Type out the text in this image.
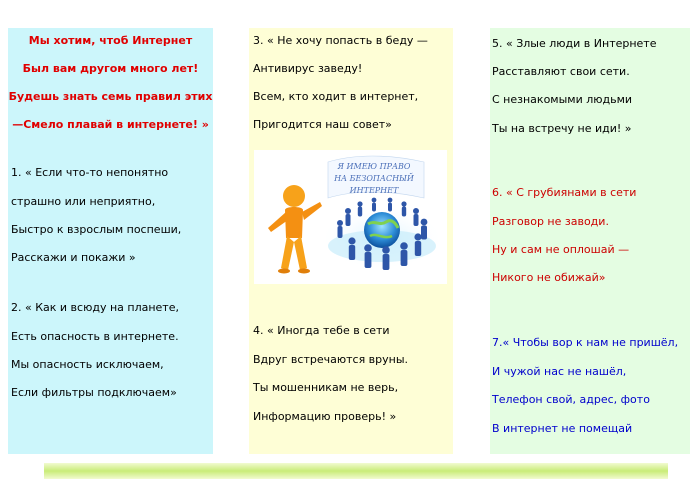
Мы хотим, чтоб Интернет
Был вам другом много лет!
Будешь знать семь правил этих
—Смело плавай в интернете! »
1. « Если что-то непонятно
страшно или неприятно,
Быстро к взрослым поспеши,
Расскажи и покажи »
2. « Как и всюду на планете,
Есть опасность в интернете.
Мы опасность исключаем,
Если фильтры подключаем»
3. « Не хочу попасть в беду —
Антивирус заведу!
Всем, кто ходит в интернет,
Пригодится наш совет»
Я ИМЕЮ ПРАВО
НА БЕЗОПАСНЫЙ
ИНТЕРНЕТ
4. « Иногда тебе в сети
Вдруг встречаются вруны.
Ты мошенникам не верь,
Информацию проверь! »
5. « Злые люди в Интернете
Расставляют свои сети.
С незнакомыми людьми
Ты на встречу не иди! »
6. « С грубиянами в сети
Разговор не заводи.
Ну и сам не оплошай —
Никого не обижай»
7.« Чтобы вор к нам не пришёл,
И чужой нас не нашёл,
Телефон свой, адрес, фото
В интернет не помещай
